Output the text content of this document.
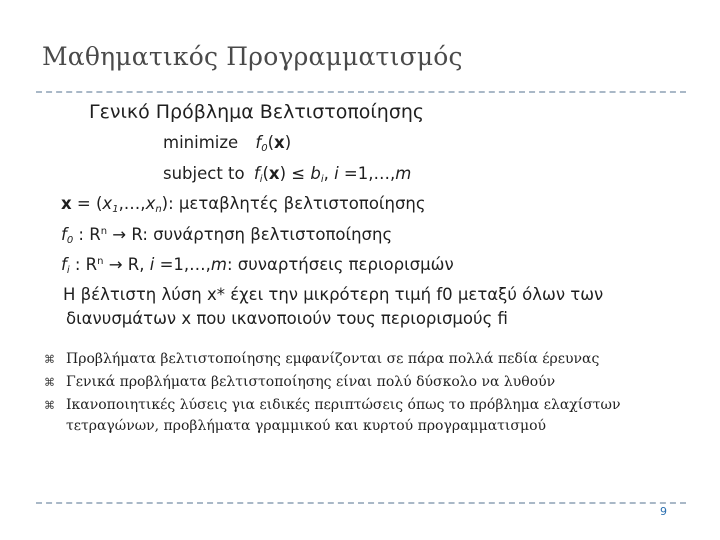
Μαθηματικός Προγραμματισμός
Γενικό Πρόβλημα Βελτιστοποίησης
minimize $f_0(x)$
subject to $f_i(x) \le b_i$, i =1,…,m
$x = (x_1,\dots,x_n)$: μεταβλητές βελτιστοποίησης
$f_0$ : $R^n \to R$: συνάρτηση βελτιστοποίησης
$f_i$ : $R^n \to R$, i =1,…,m: συναρτήσεις περιορισμών
Η βέλτιστη λύση x* έχει την μικρότερη τιμή f0 μεταξύ όλων των
διανυσμάτων x που ικανοποιούν τους περιορισμούς fi
⌘ Προβλήματα βελτιστοποίησης εμφανίζονται σε πάρα πολλά πεδία έρευνας
⌘ Γενικά προβλήματα βελτιστοποίησης είναι πολύ δύσκολο να λυθούν
⌘ Ικανοποιητικές λύσεις για ειδικές περιπτώσεις όπως το πρόβλημα ελαχίστων τετραγώνων, προβλήματα γραμμικού και κυρτού προγραμματισμού
9
